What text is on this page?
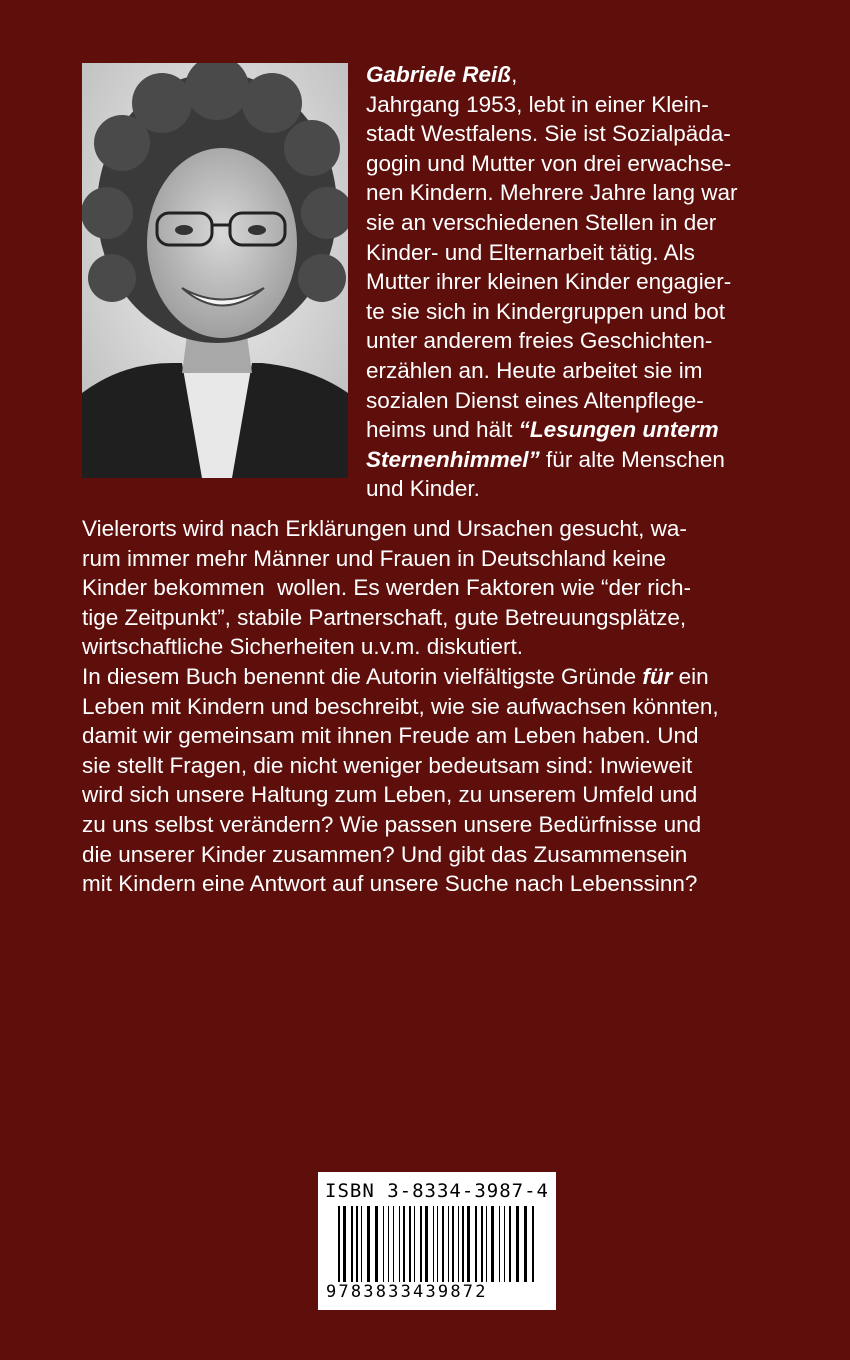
Gabriele Reiß,
Jahrgang 1953, lebt in einer Klein-
stadt Westfalens. Sie ist Sozialpäda-
gogin und Mutter von drei erwachse-
nen Kindern. Mehrere Jahre lang war
sie an verschiedenen Stellen in der
Kinder- und Elternarbeit tätig. Als
Mutter ihrer kleinen Kinder engagier-
te sie sich in Kindergruppen und bot
unter anderem freies Geschichten-
erzählen an. Heute arbeitet sie im
sozialen Dienst eines Altenpflege-
heims und hält “Lesungen unterm
Sternenhimmel” für alte Menschen
und Kinder.
Vielerorts wird nach Erklärungen und Ursachen gesucht, wa-
rum immer mehr Männer und Frauen in Deutschland keine
Kinder bekommen  wollen. Es werden Faktoren wie “der rich-
tige Zeitpunkt”, stabile Partnerschaft, gute Betreuungsplätze,
wirtschaftliche Sicherheiten u.v.m. diskutiert.
In diesem Buch benennt die Autorin vielfältigste Gründe für ein
Leben mit Kindern und beschreibt, wie sie aufwachsen könnten,
damit wir gemeinsam mit ihnen Freude am Leben haben. Und
sie stellt Fragen, die nicht weniger bedeutsam sind: Inwieweit
wird sich unsere Haltung zum Leben, zu unserem Umfeld und
zu uns selbst verändern? Wie passen unsere Bedürfnisse und
die unserer Kinder zusammen? Und gibt das Zusammensein
mit Kindern eine Antwort auf unsere Suche nach Lebenssinn?
ISBN 3-8334-3987-4
9783833439872
